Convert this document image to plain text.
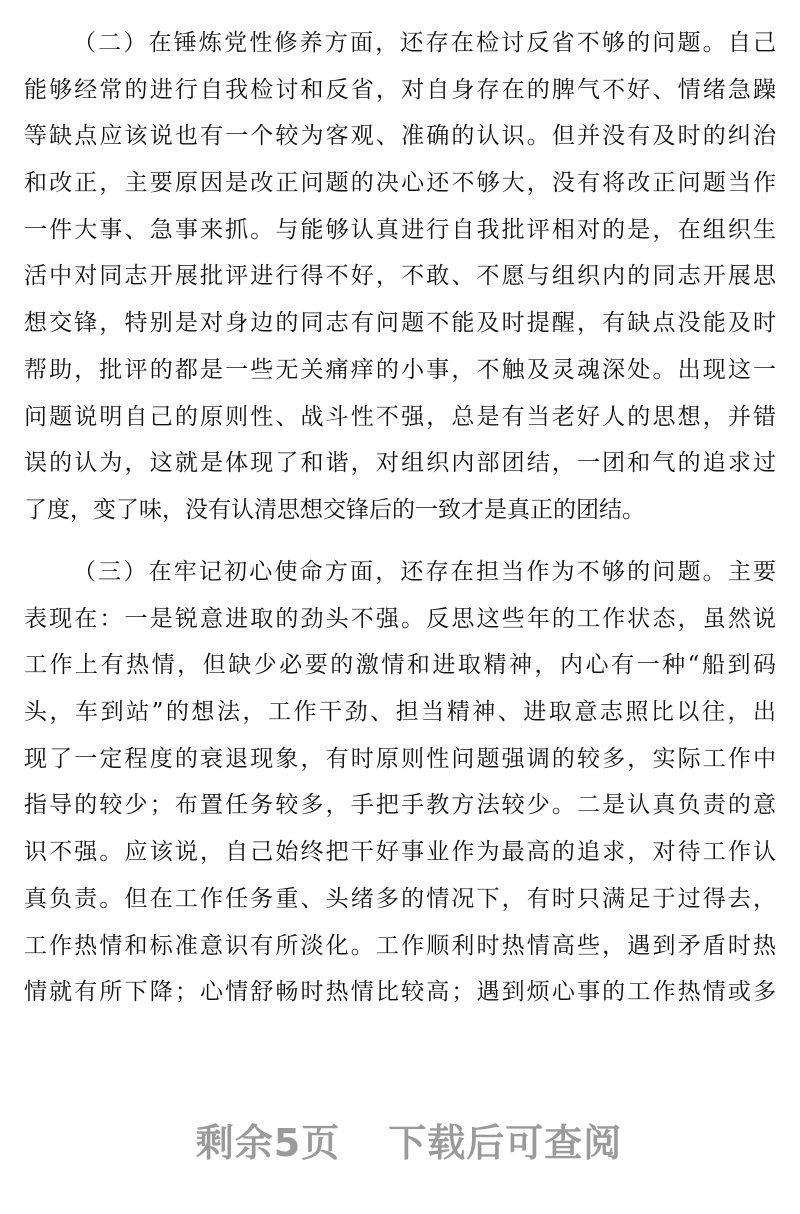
（二）在锤炼党性修养方面，还存在检讨反省不够的问题。自己
能够经常的进行自我检讨和反省，对自身存在的脾气不好、情绪急躁
等缺点应该说也有一个较为客观、准确的认识。但并没有及时的纠治
和改正，主要原因是改正问题的决心还不够大，没有将改正问题当作
一件大事、急事来抓。与能够认真进行自我批评相对的是，在组织生
活中对同志开展批评进行得不好，不敢、不愿与组织内的同志开展思
想交锋，特别是对身边的同志有问题不能及时提醒，有缺点没能及时
帮助，批评的都是一些无关痛痒的小事，不触及灵魂深处。出现这一
问题说明自己的原则性、战斗性不强，总是有当老好人的思想，并错
误的认为，这就是体现了和谐，对组织内部团结，一团和气的追求过
了度，变了味，没有认清思想交锋后的一致才是真正的团结。
（三）在牢记初心使命方面，还存在担当作为不够的问题。主要
表现在：一是锐意进取的劲头不强。反思这些年的工作状态，虽然说
工作上有热情，但缺少必要的激情和进取精神，内心有一种“船到码
头，车到站”的想法，工作干劲、担当精神、进取意志照比以往，出
现了一定程度的衰退现象，有时原则性问题强调的较多，实际工作中
指导的较少；布置任务较多，手把手教方法较少。二是认真负责的意
识不强。应该说，自己始终把干好事业作为最高的追求，对待工作认
真负责。但在工作任务重、头绪多的情况下，有时只满足于过得去，
工作热情和标准意识有所淡化。工作顺利时热情高些，遇到矛盾时热
情就有所下降；心情舒畅时热情比较高；遇到烦心事的工作热情或多
剩余5页 下载后可查阅
